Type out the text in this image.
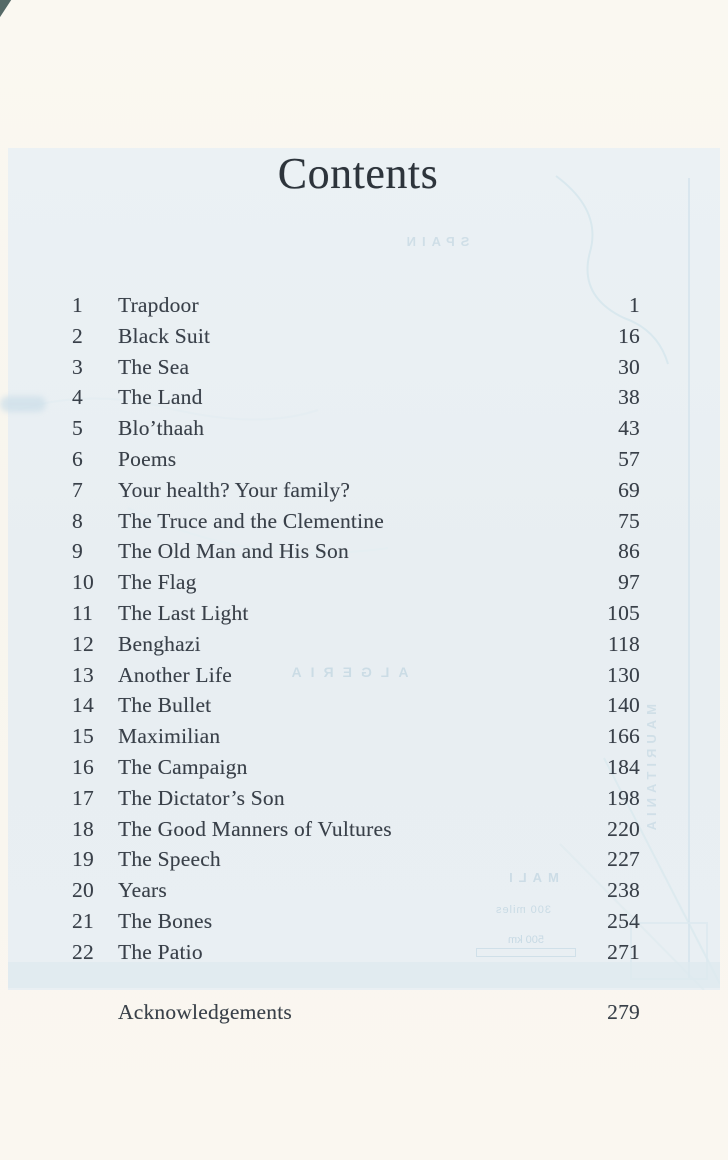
SPAIN
ALGERIA
MALI
300 miles
500 km
MAURITANIA
Contents
1	Trapdoor	1
2	Black Suit	16
3	The Sea	30
4	The Land	38
5	Blo’thaah	43
6	Poems	57
7	Your health? Your family?	69
8	The Truce and the Clementine	75
9	The Old Man and His Son	86
10	The Flag	97
11	The Last Light	105
12	Benghazi	118
13	Another Life	130
14	The Bullet	140
15	Maximilian	166
16	The Campaign	184
17	The Dictator’s Son	198
18	The Good Manners of Vultures	220
19	The Speech	227
20	Years	238
21	The Bones	254
22	The Patio	271
Acknowledgements	279
